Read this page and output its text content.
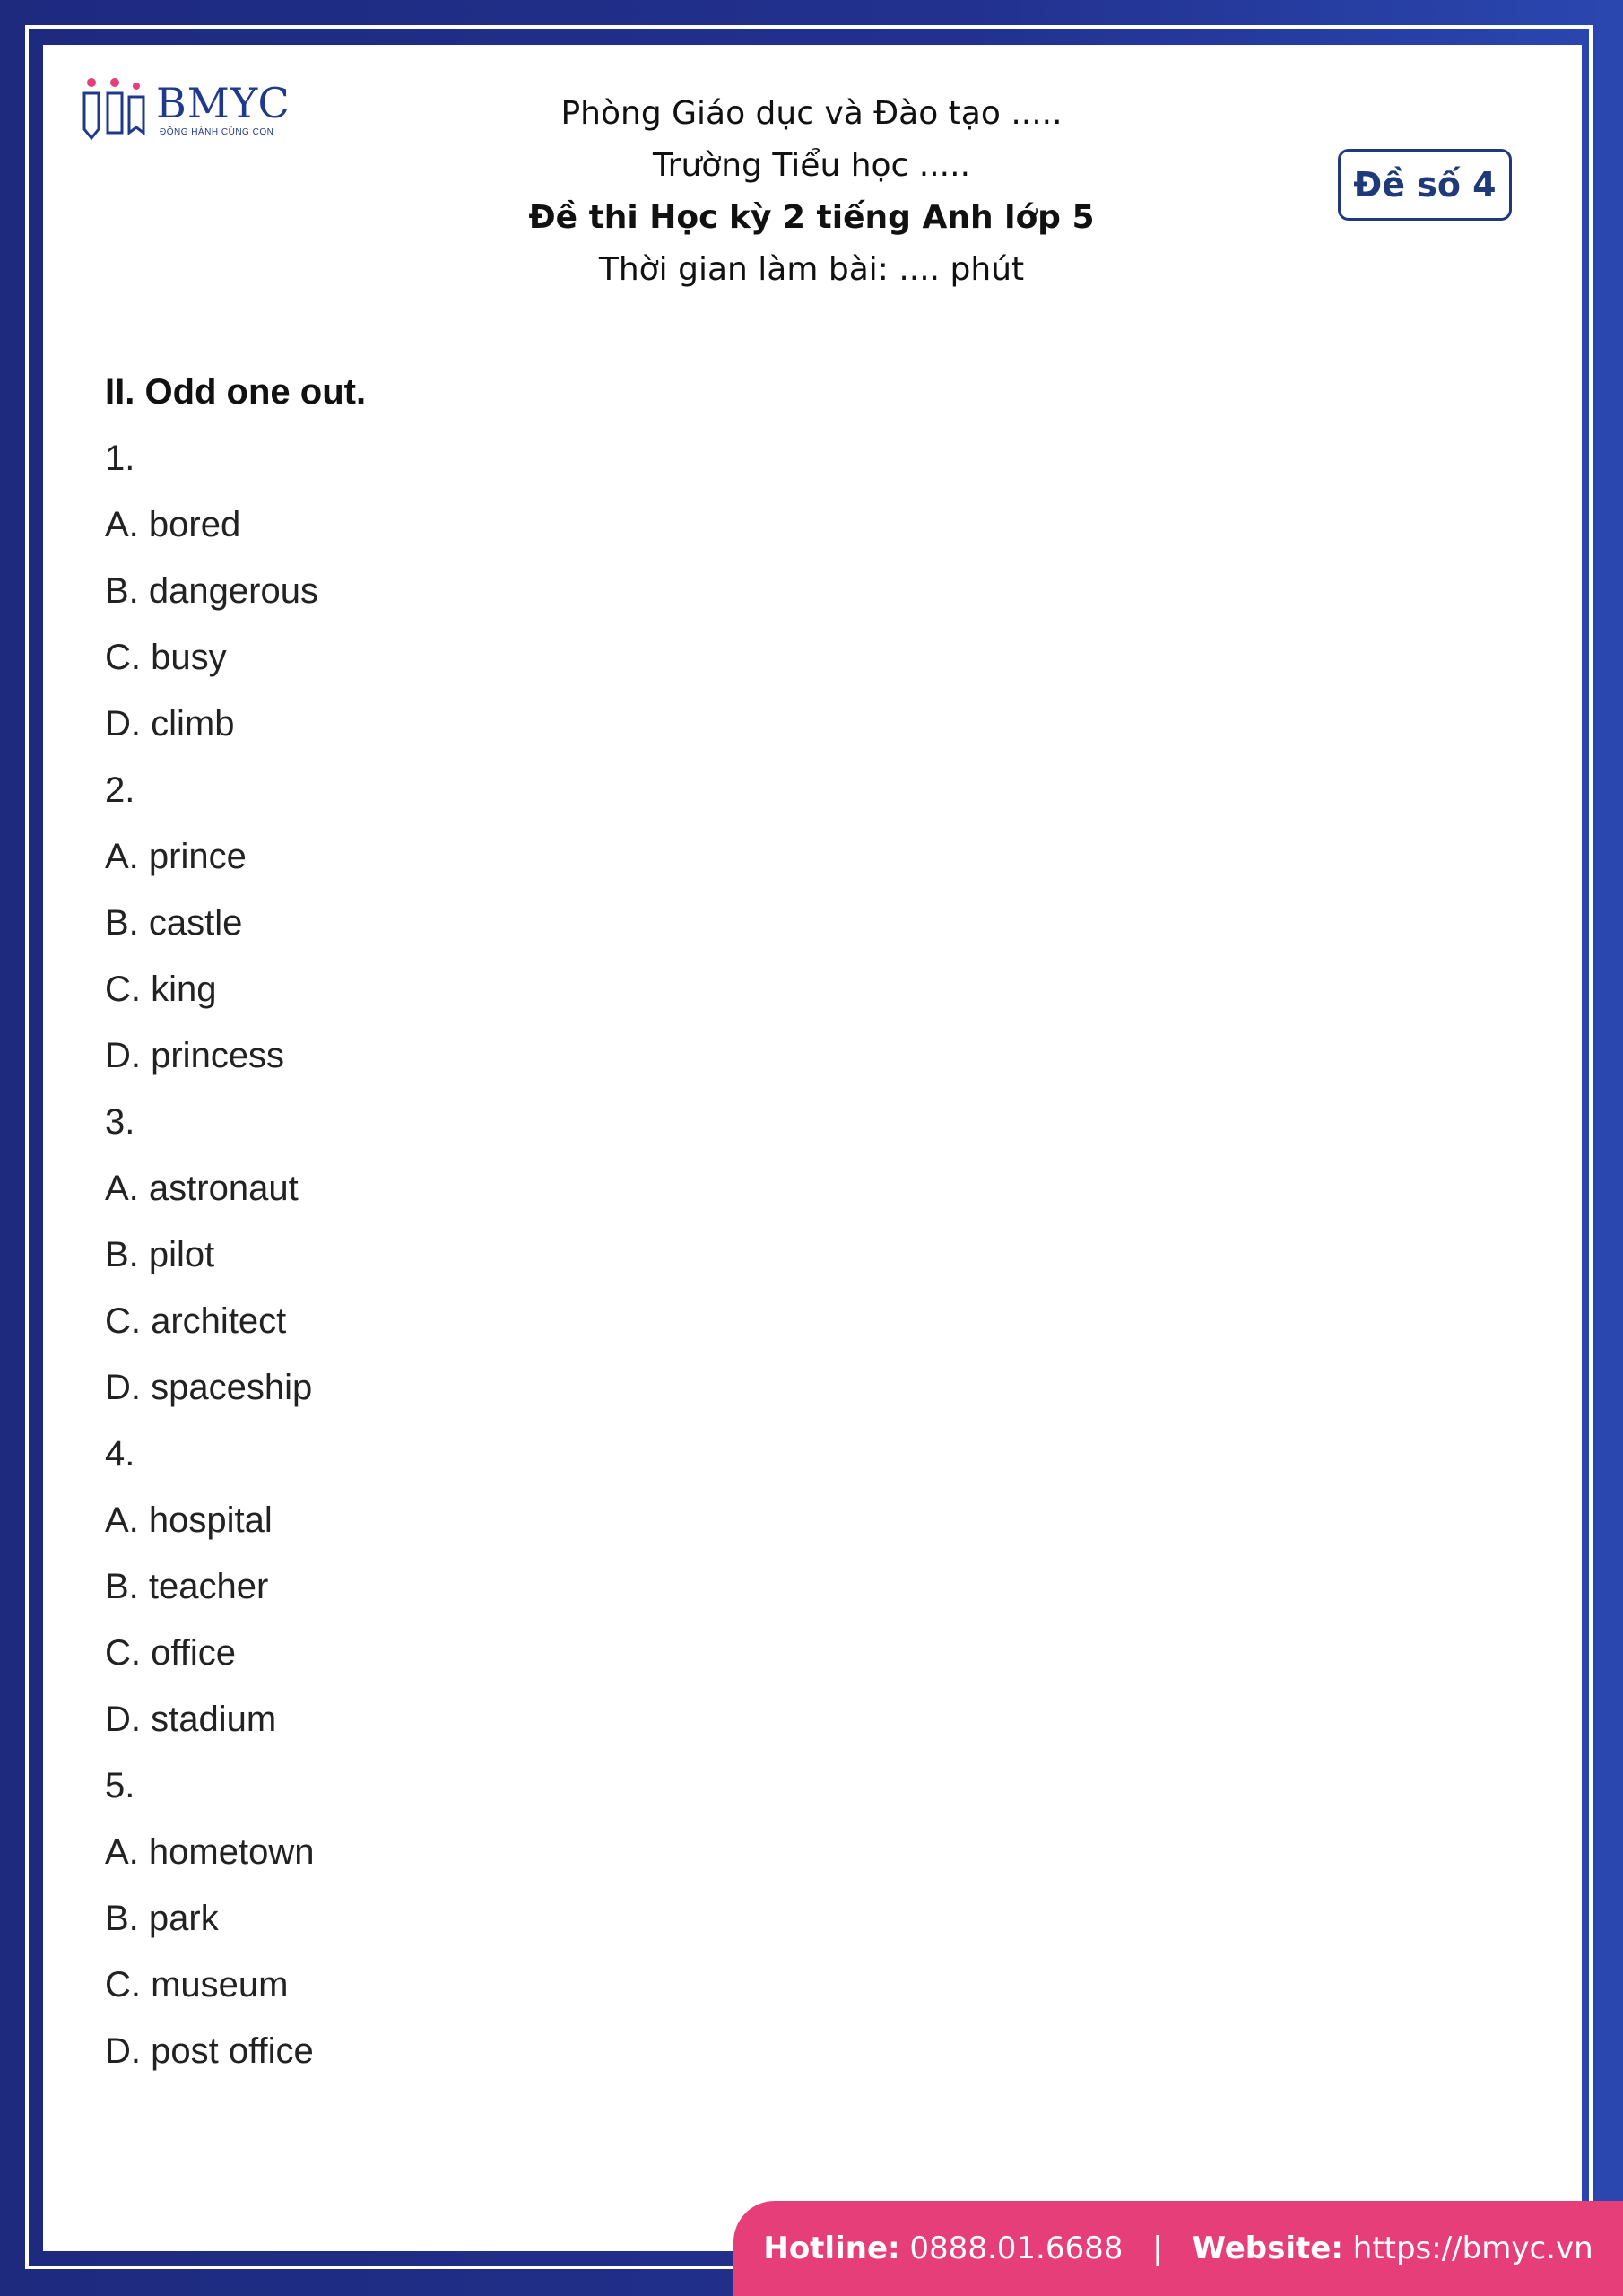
BMYC
ĐỒNG HÀNH CÙNG CON
Phòng Giáo dục và Đào tạo .....
Trường Tiểu học .....
Đề thi Học kỳ 2 tiếng Anh lớp 5
Thời gian làm bài: .... phút
Đề số 4
II. Odd one out.
1.
A. bored
B. dangerous
C. busy
D. climb
2.
A. prince
B. castle
C. king
D. princess
3.
A. astronaut
B. pilot
C. architect
D. spaceship
4.
A. hospital
B. teacher
C. office
D. stadium
5.
A. hometown
B. park
C. museum
D. post office
Hotline: 0888.01.6688 | Website: https://bmyc.vn
